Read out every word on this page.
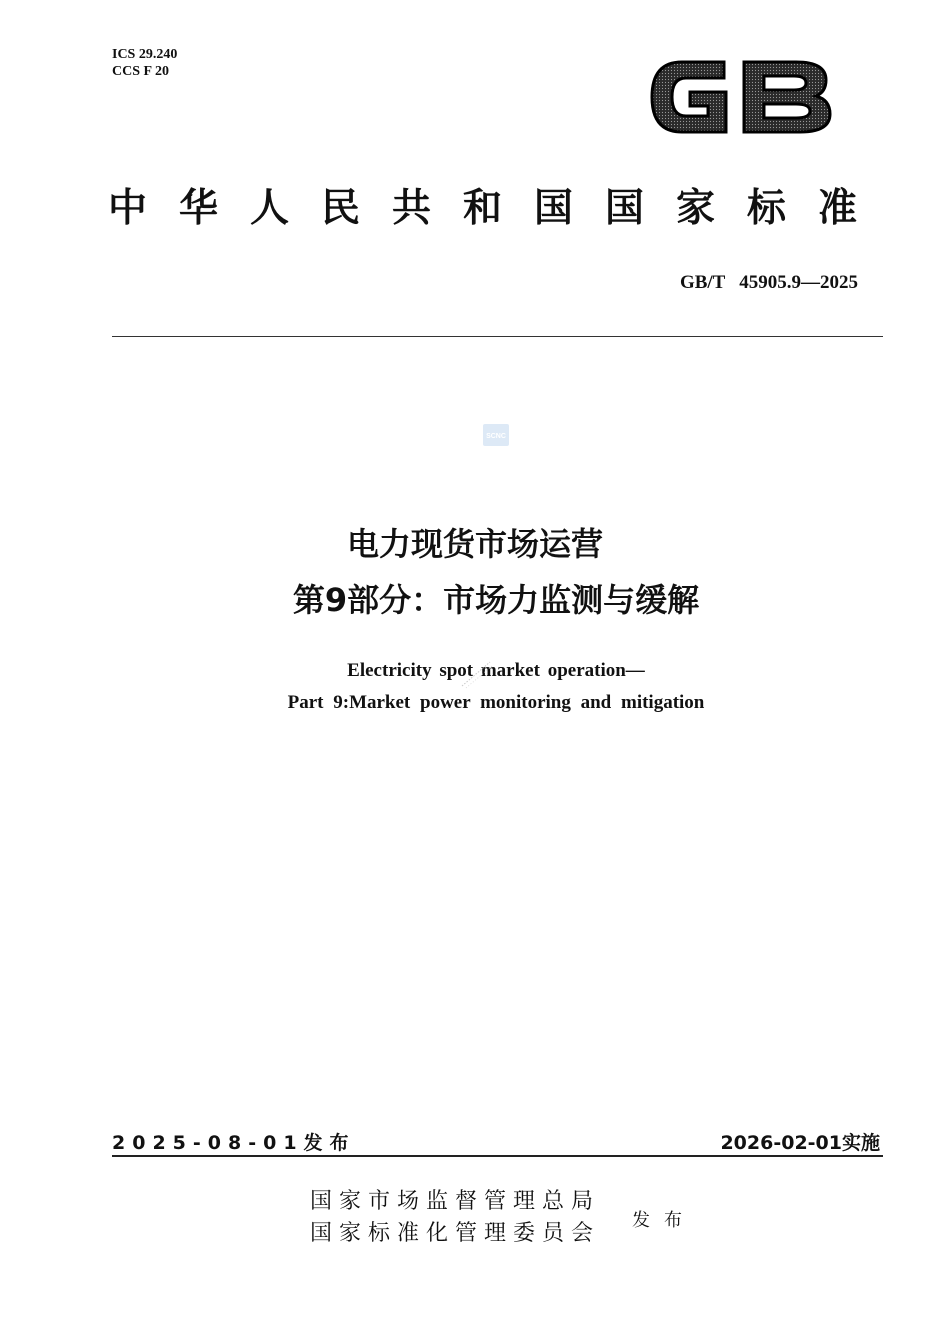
ICS 29.240
CCS F 20
GB
中华人民共和国国家标准
GB/T   45905.9—2025
SCNC
电力现货市场运营
第9部分：市场力监测与缓解
Electricity spot market operation—
Part 9:Market power monitoring and mitigation
2025-08-01发布	2026-02-01实施
国家市场监督管理总局
国家标准化管理委员会
发布
